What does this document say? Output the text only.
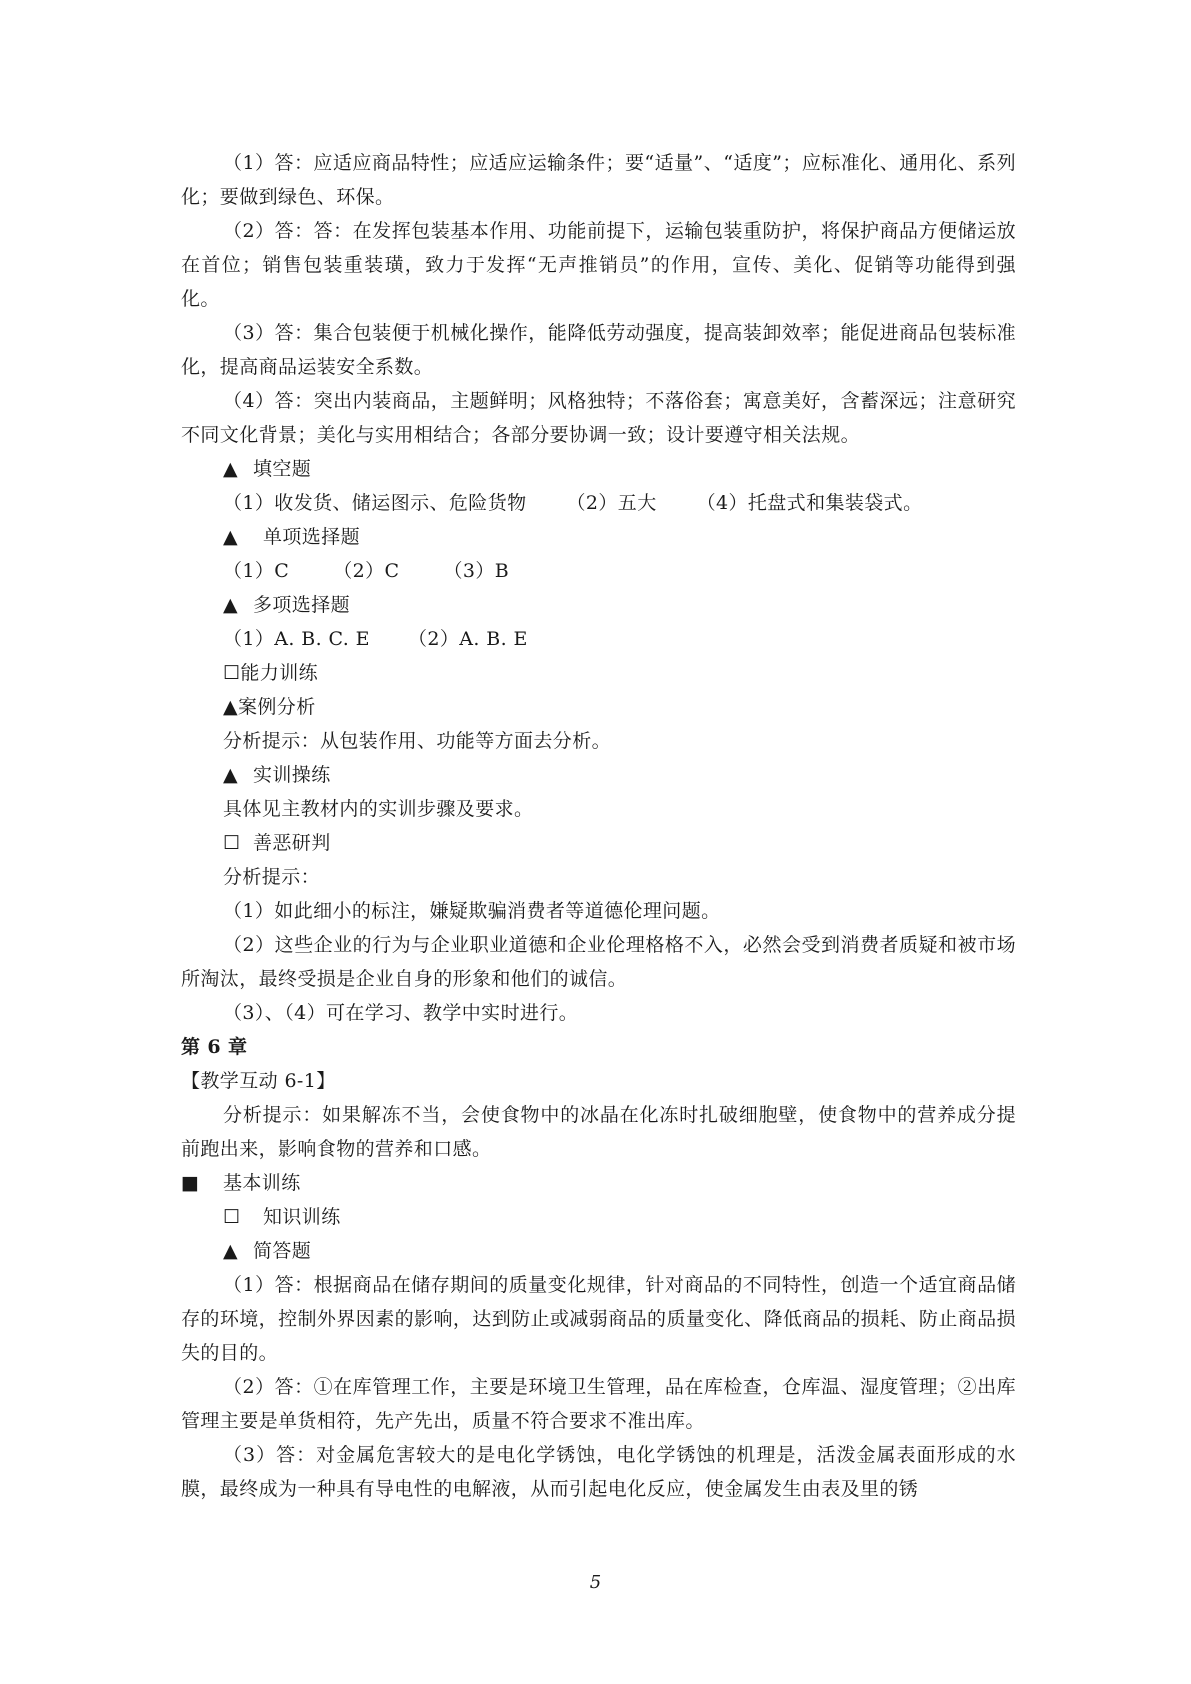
（1）答：应适应商品特性；应适应运输条件；要“适量”、“适度”；应标准化、通用化、系列化；要做到绿色、环保。

（2）答：答：在发挥包装基本作用、功能前提下，运输包装重防护，将保护商品方便储运放在首位；销售包装重装璜，致力于发挥“无声推销员”的作用，宣传、美化、促销等功能得到强化。

（3）答：集合包装便于机械化操作，能降低劳动强度，提高装卸效率；能促进商品包装标准化，提高商品运装安全系数。

（4）答：突出内装商品，主题鲜明；风格独特；不落俗套；寓意美好，含蓄深远；注意研究不同文化背景；美化与实用相结合；各部分要协调一致；设计要遵守相关法规。

▲ 填空题

（1）收发货、储运图示、危险货物 （2）五大 （4）托盘式和集装袋式。

▲ 单项选择题

（1）C （2）C （3）B

▲ 多项选择题

（1）A. B. C. E （2）A. B. E

☐能力训练

▲案例分析

分析提示：从包装作用、功能等方面去分析。

▲ 实训操练

具体见主教材内的实训步骤及要求。

☐ 善恶研判

分析提示：

（1）如此细小的标注，嫌疑欺骗消费者等道德伦理问题。

（2）这些企业的行为与企业职业道德和企业伦理格格不入，必然会受到消费者质疑和被市场所淘汰，最终受损是企业自身的形象和他们的诚信。

（3）、（4）可在学习、教学中实时进行。

第 6 章

【教学互动 6-1】

分析提示：如果解冻不当，会使食物中的冰晶在化冻时扎破细胞壁，使食物中的营养成分提前跑出来，影响食物的营养和口感。

■ 基本训练

☐ 知识训练

▲ 简答题

（1）答：根据商品在储存期间的质量变化规律，针对商品的不同特性，创造一个适宜商品储存的环境，控制外界因素的影响，达到防止或减弱商品的质量变化、降低商品的损耗、防止商品损失的目的。

（2）答：①在库管理工作，主要是环境卫生管理，品在库检查，仓库温、湿度管理；②出库管理主要是单货相符，先产先出，质量不符合要求不准出库。

（3）答：对金属危害较大的是电化学锈蚀，电化学锈蚀的机理是，活泼金属表面形成的水膜，最终成为一种具有导电性的电解液，从而引起电化反应，使金属发生由表及里的锈

5
